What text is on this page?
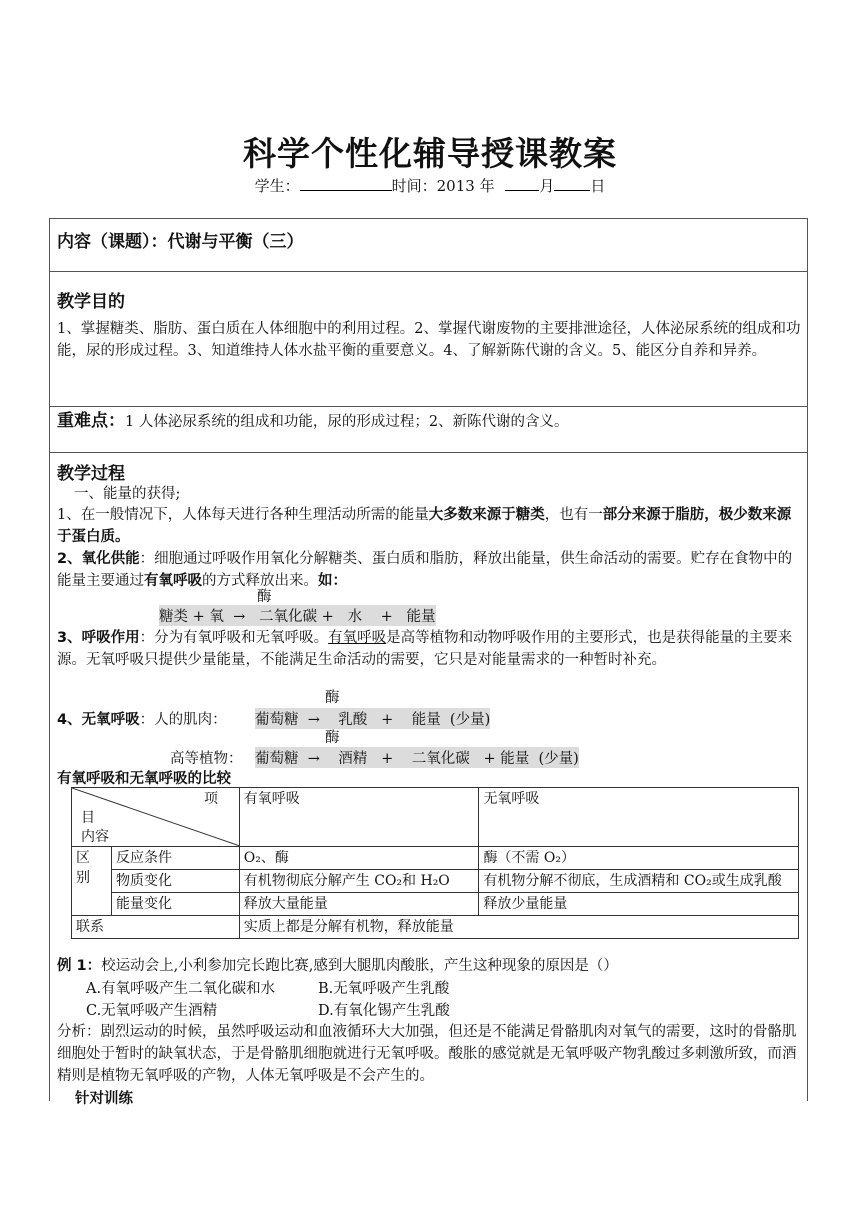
科学个性化辅导授课教案
学生：	时间：2013 年	月 日
内容（课题）：代谢与平衡（三）
教学目的
1、掌握糖类、脂肪、蛋白质在人体细胞中的利用过程。2、掌握代谢废物的主要排泄途径，人体泌尿系统的组成和功能，尿的形成过程。3、知道维持人体水盐平衡的重要意义。4、了解新陈代谢的含义。5、能区分自养和异养。
重难点：1 人体泌尿系统的组成和功能，尿的形成过程；2、新陈代谢的含义。
教学过程
一、能量的获得;
1、在一般情况下，人体每天进行各种生理活动所需的能量大多数来源于糖类，也有一部分来源于脂肪，极少数来源于蛋白质。
2、氧化供能：细胞通过呼吸作用氧化分解糖类、蛋白质和脂肪，释放出能量，供生命活动的需要。贮存在食物中的能量主要通过有氧呼吸的方式释放出来。如：
酶
糖类 + 氧  →   二氧化碳 +   水    +   能量
3、呼吸作用：分为有氧呼吸和无氧呼吸。有氧呼吸是高等植物和动物呼吸作用的主要形式，也是获得能量的主要来源。无氧呼吸只提供少量能量，不能满足生命活动的需要，它只是对能量需求的一种暂时补充。
酶
4、无氧呼吸：人的肌肉： 葡萄糖  →    乳酸   +    能量  (少量)
酶
高等植物： 葡萄糖  →    酒精   +    二氧化碳   + 能量  (少量)
有氧呼吸和无氧呼吸的比较
项
目
内容		有氧呼吸	无氧呼吸
区
别	反应条件	O₂、酶	酶（不需 O₂）
	物质变化	有机物彻底分解产生 CO₂和 H₂O	有机物分解不彻底，生成酒精和 CO₂或生成乳酸
	能量变化	释放大量能量	释放少量能量
联系		实质上都是分解有机物，释放能量	
例 1：校运动会上,小利参加完长跑比赛,感到大腿肌肉酸胀，产生这种现象的原因是（）
A.有氧呼吸产生二氧化碳和水	B.无氧呼吸产生乳酸
C.无氧呼吸产生酒精	D.有氧化锡产生乳酸
分析：剧烈运动的时候，虽然呼吸运动和血液循环大大加强，但还是不能满足骨骼肌肉对氧气的需要，这时的骨骼肌细胞处于暂时的缺氧状态，于是骨骼肌细胞就进行无氧呼吸。酸胀的感觉就是无氧呼吸产物乳酸过多刺激所致，而酒精则是植物无氧呼吸的产物，人体无氧呼吸是不会产生的。
针对训练
